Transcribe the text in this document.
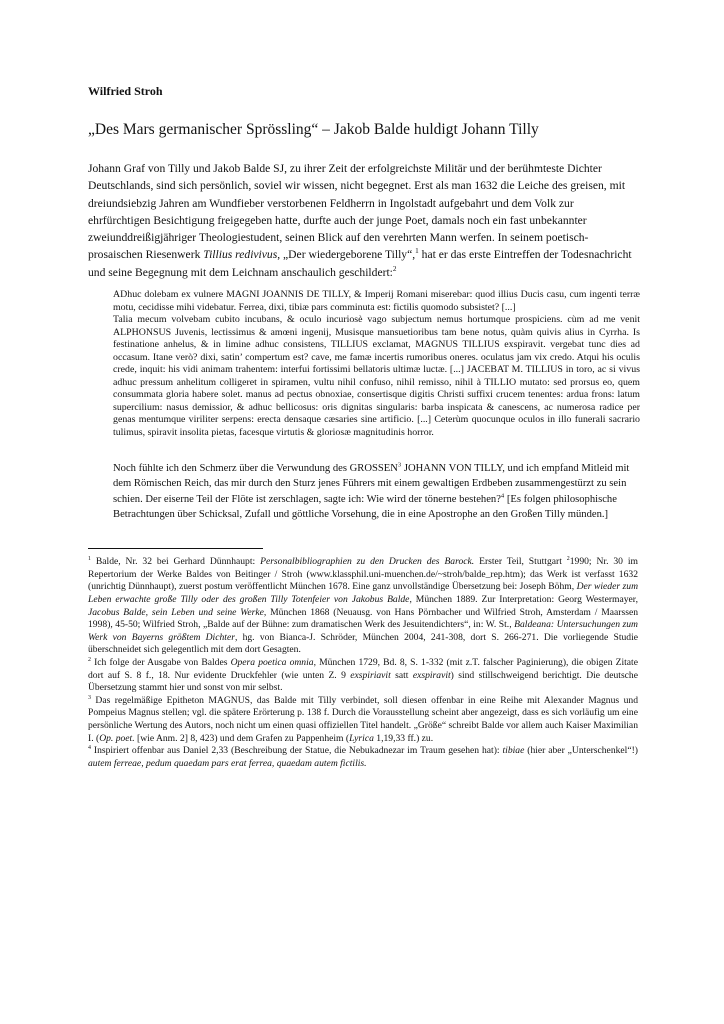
Wilfried Stroh
„Des Mars germanischer Sprössling“ – Jakob Balde huldigt Johann Tilly

Johann Graf von Tilly und Jakob Balde SJ, zu ihrer Zeit der erfolgreichste Militär und der berühmteste Dichter Deutschlands, sind sich persönlich, soviel wir wissen, nicht begegnet. Erst als man 1632 die Leiche des greisen, mit dreiundsiebzig Jahren am Wundfieber verstorbenen Feldherrn in Ingolstadt aufgebahrt und dem Volk zur ehrfürchtigen Besichtigung freigegeben hatte, durfte auch der junge Poet, damals noch ein fast unbekannter zweiunddreißigjähriger Theologiestudent, seinen Blick auf den verehrten Mann werfen. In seinem poetisch-prosaischen Riesenwerk Tillius redivivus, „Der wiedergeborene Tilly“,$^1$ hat er das erste Eintreffen der Todesnachricht und seine Begegnung mit dem Leichnam anschaulich geschildert:$^2$

ADhuc dolebam ex vulnere MAGNI JOANNIS DE TILLY, & Imperij Romani miserebar: quod illius Ducis casu, cum ingenti terræ motu, cecidisse mihi videbatur. Ferrea, dixi, tibiæ pars comminuta est: fictilis quomodo subsistet? [...]

Talia mecum volvebam cubito incubans, & oculo incuriosè vago subjectum nemus hortumque prospiciens. cùm ad me venit ALPHONSUS Juvenis, lectissimus & amœni ingenij, Musisque mansuetioribus tam bene notus, quàm quivis alius in Cyrrha. Is festinatione anhelus, & in limine adhuc consistens, TILLIUS exclamat, MAGNUS TILLIUS exspiravit. vergebat tunc dies ad occasum. Itane verò? dixi, satin’ compertum est? cave, me famæ incertis rumoribus oneres. oculatus jam vix credo. Atqui his oculis crede, inquit: his vidi animam trahentem: interfui fortissimi bellatoris ultimæ luctæ. [...] JACEBAT M. TILLIUS in toro, ac si vivus adhuc pressum anhelitum colligeret in spiramen, vultu nihil confuso, nihil remisso, nihil à TILLIO mutato: sed prorsus eo, quem consummata gloria habere solet. manus ad pectus obnoxiae, consertisque digitis Christi suffixi crucem tenentes: ardua frons: latum supercilium: nasus demissior, & adhuc bellicosus: oris dignitas singularis: barba inspicata & canescens, ac numerosa radice per genas mentumque viriliter serpens: erecta densaque cæsaries sine artificio. [...] Ceterùm quocunque oculos in illo funerali sacrario tulimus, spiravit insolita pietas, facesque virtutis & gloriosæ magnitudinis horror.

Noch fühlte ich den Schmerz über die Verwundung des GROSSEN$^3$ JOHANN VON TILLY, und ich empfand Mitleid mit dem Römischen Reich, das mir durch den Sturz jenes Führers mit einem gewaltigen Erdbeben zusammengestürzt zu sein schien. Der eiserne Teil der Flöte ist zerschlagen, sagte ich: Wie wird der tönerne bestehen?$^4$ [Es folgen philosophische Betrachtungen über Schicksal, Zufall und göttliche Vorsehung, die in eine Apostrophe an den Großen Tilly münden.]

$^1$ Balde, Nr. 32 bei Gerhard Dünnhaupt: Personalbibliographien zu den Drucken des Barock. Erster Teil, Stuttgart $^2$1990; Nr. 30 im Repertorium der Werke Baldes von Beitinger / Stroh (www.klassphil.uni-muenchen.de/~stroh/balde_rep.htm); das Werk ist verfasst 1632 (unrichtig Dünnhaupt), zuerst postum veröffentlicht München 1678. Eine ganz unvollständige Übersetzung bei: Joseph Böhm, Der wieder zum Leben erwachte große Tilly oder des großen Tilly Totenfeier von Jakobus Balde, München 1889. Zur Interpretation: Georg Westermayer, Jacobus Balde, sein Leben und seine Werke, München 1868 (Neuausg. von Hans Pörnbacher und Wilfried Stroh, Amsterdam / Maarssen 1998), 45-50; Wilfried Stroh, „Balde auf der Bühne: zum dramatischen Werk des Jesuitendichters“, in: W. St., Baldeana: Untersuchungen zum Werk von Bayerns größtem Dichter, hg. von Bianca-J. Schröder, München 2004, 241-308, dort S. 266-271. Die vorliegende Studie überschneidet sich gelegentlich mit dem dort Gesagten.

$^2$ Ich folge der Ausgabe von Baldes Opera poetica omnia, München 1729, Bd. 8, S. 1-332 (mit z.T. falscher Paginierung), die obigen Zitate dort auf S. 8 f., 18. Nur evidente Druckfehler (wie unten Z. 9 exspiriavit satt exspiravit) sind stillschweigend berichtigt. Die deutsche Übersetzung stammt hier und sonst von mir selbst.

$^3$ Das regelmäßige Epitheton MAGNUS, das Balde mit Tilly verbindet, soll diesen offenbar in eine Reihe mit Alexander Magnus und Pompeius Magnus stellen; vgl. die spätere Erörterung p. 138 f. Durch die Vorausstellung scheint aber angezeigt, dass es sich vorläufig um eine persönliche Wertung des Autors, noch nicht um einen quasi offiziellen Titel handelt. „Größe“ schreibt Balde vor allem auch Kaiser Maximilian I. (Op. poet. [wie Anm. 2] 8, 423) und dem Grafen zu Pappenheim (Lyrica 1,19,33 ff.) zu.

$^4$ Inspiriert offenbar aus Daniel 2,33 (Beschreibung der Statue, die Nebukadnezar im Traum gesehen hat): tibiae (hier aber „Unterschenkel“!) autem ferreae, pedum quaedam pars erat ferrea, quaedam autem fictilis.
